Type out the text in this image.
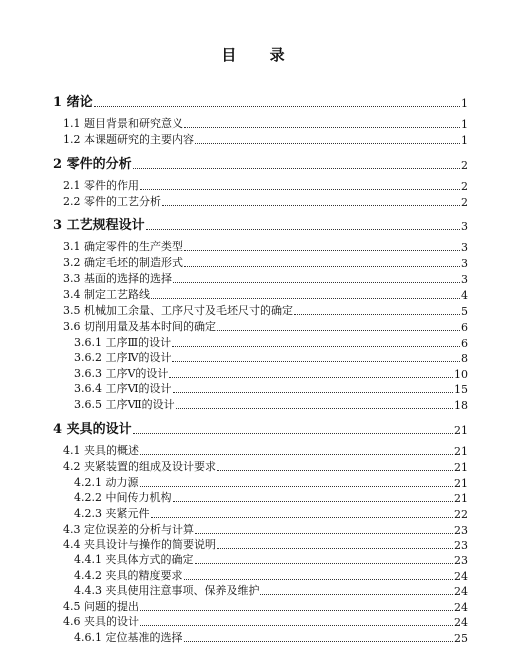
目 录
1 绪论	1
1.1 题目背景和研究意义	1
1.2 本课题研究的主要内容	1
2 零件的分析	2
2.1 零件的作用	2
2.2 零件的工艺分析	2
3 工艺规程设计	3
3.1 确定零件的生产类型	3
3.2 确定毛坯的制造形式	3
3.3 基面的选择的选择	3
3.4 制定工艺路线	4
3.5 机械加工余量、工序尺寸及毛坯尺寸的确定	5
3.6 切削用量及基本时间的确定	6
3.6.1 工序Ⅲ的设计	6
3.6.2 工序Ⅳ的设计	8
3.6.3 工序Ⅴ的设计	10
3.6.4 工序Ⅵ的设计	15
3.6.5 工序Ⅶ的设计	18
4 夹具的设计	21
4.1 夹具的概述	21
4.2 夹紧装置的组成及设计要求	21
4.2.1 动力源	21
4.2.2 中间传力机构	21
4.2.3 夹紧元件	22
4.3 定位误差的分析与计算	23
4.4 夹具设计与操作的简要说明	23
4.4.1 夹具体方式的确定	23
4.4.2 夹具的精度要求	24
4.4.3 夹具使用注意事项、保养及维护	24
4.5 问题的提出	24
4.6 夹具的设计	24
4.6.1 定位基准的选择	25
